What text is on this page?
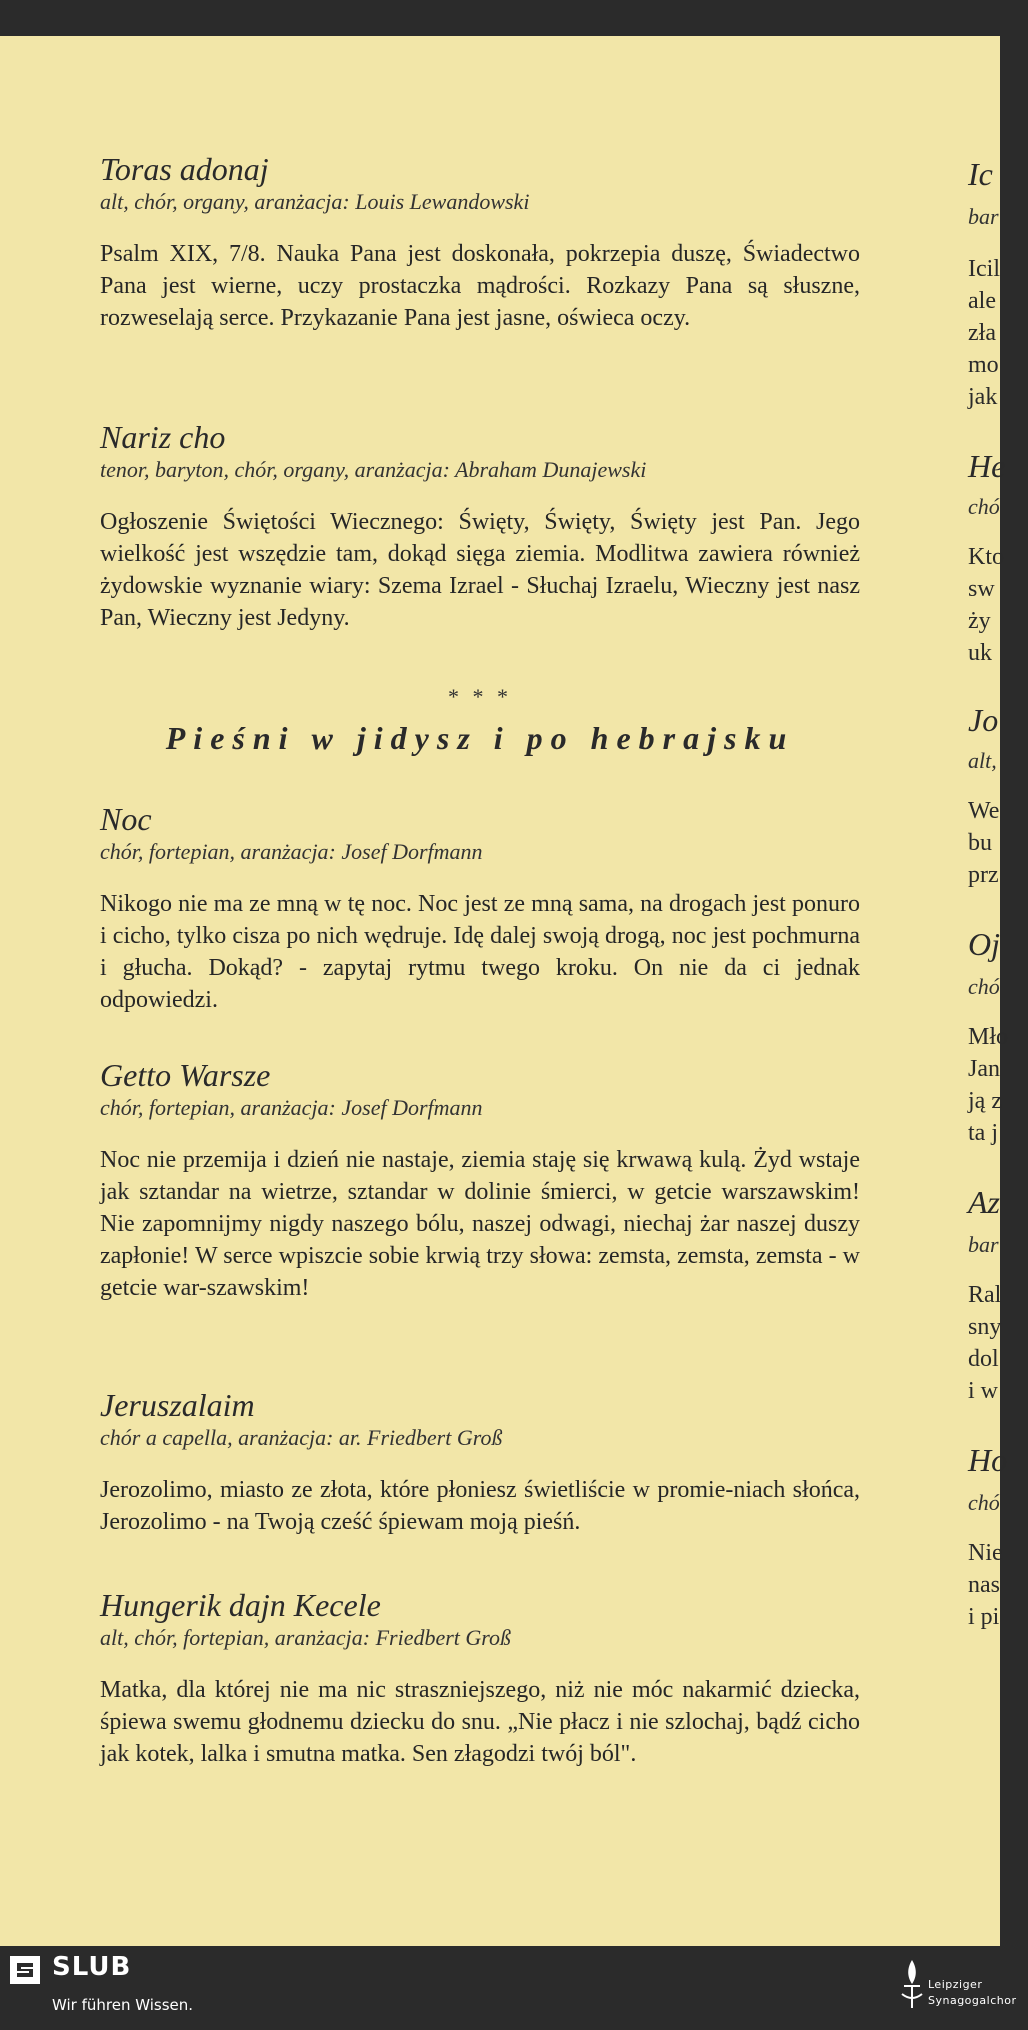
Toras adonaj

alt, chór, organy, aranżacja: Louis Lewandowski

Psalm XIX, 7/8. Nauka Pana jest doskonała, pokrzepia duszę, Świadectwo Pana jest wierne, uczy prostaczka mądrości. Rozkazy Pana są słuszne, rozweselają serce. Przykazanie Pana jest jasne, oświeca oczy.

Nariz cho

tenor, baryton, chór, organy, aranżacja: Abraham Dunajewski

Ogłoszenie Świętości Wiecznego: Święty, Święty, Święty jest Pan. Jego wielkość jest wszędzie tam, dokąd sięga ziemia. Modlitwa zawiera również żydowskie wyznanie wiary: Szema Izrael - Słuchaj Izraelu, Wieczny jest nasz Pan, Wieczny jest Jedyny.

* * *

Pieśni w jidysz i po hebrajsku

Noc

chór, fortepian, aranżacja: Josef Dorfmann

Nikogo nie ma ze mną w tę noc. Noc jest ze mną sama, na drogach jest ponuro i cicho, tylko cisza po nich wędruje. Idę dalej swoją drogą, noc jest pochmurna i głucha. Dokąd? - zapytaj rytmu twego kroku. On nie da ci jednak odpowiedzi.

Getto Warsze

chór, fortepian, aranżacja: Josef Dorfmann

Noc nie przemija i dzień nie nastaje, ziemia staję się krwawą kulą. Żyd wstaje jak sztandar na wietrze, sztandar w dolinie śmierci, w getcie warszawskim! Nie zapomnijmy nigdy naszego bólu, naszej odwagi, niechaj żar naszej duszy zapłonie! W serce wpiszcie sobie krwią trzy słowa: zemsta, zemsta, zemsta - w getcie war-szawskim!

Jeruszalaim

chór a capella, aranżacja: ar. Friedbert Groß

Jerozolimo, miasto ze złota, które płoniesz świetliście w promie-niach słońca, Jerozolimo - na Twoją cześć śpiewam moją pieśń.

Hungerik dajn Kecele

alt, chór, fortepian, aranżacja: Friedbert Groß

Matka, dla której nie ma nic straszniejszego, niż nie móc nakarmić dziecka, śpiewa swemu głodnemu dziecku do snu. „Nie płacz i nie szlochaj, bądź cicho jak kotek, lalka i smutna matka. Sen złagodzi twój ból".

Ic
bar
Icil
ale
zła
mo
jak
He
chó
Kto
sw
ży
uk
Jo
alt,
We
bu
prz
Oj
chó
Mło
Jan
ją z
ta j
Az
bar
Ral
sny
dol
i w
Ho
chó
Nie
nas
i pi
SLUB
Wir führen Wissen.
Leipziger
Synagogalchor
